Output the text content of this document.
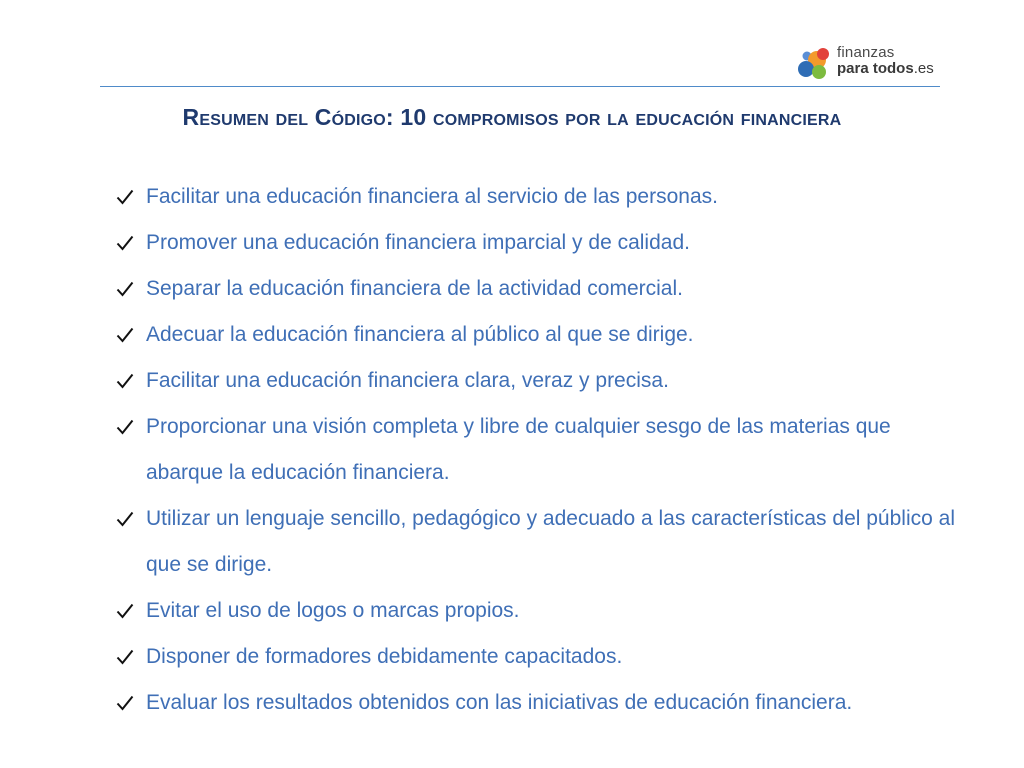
finanzas
para todos.es
Resumen del Código: 10 compromisos por la educación financiera
Facilitar una educación financiera al servicio de las personas.
Promover una educación financiera imparcial y de calidad.
Separar la educación financiera de la actividad comercial.
Adecuar la educación financiera al público al que se dirige.
Facilitar una educación financiera clara, veraz y precisa.
Proporcionar una visión completa y libre de cualquier sesgo de las materias que abarque la educación financiera.
Utilizar un lenguaje sencillo, pedagógico y adecuado a las características del público al que se dirige.
Evitar el uso de logos o marcas propios.
Disponer de formadores debidamente capacitados.
Evaluar los resultados obtenidos con las iniciativas de educación financiera.
